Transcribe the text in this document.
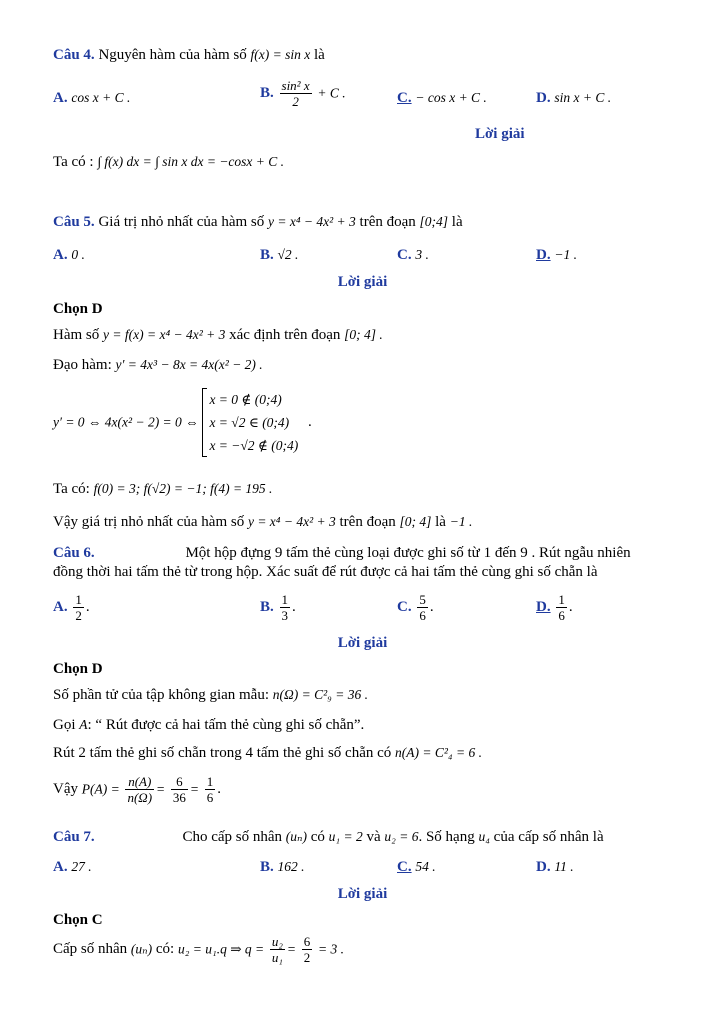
Câu 4. Nguyên hàm của hàm số f(x) = sin x là
A. cos x + C .	B. $\frac{\text{sin² x}}{2} + C$ .	C. − cos x + C .	D. sin x + C .
Lời giải
Ta có : ∫ f(x) dx = ∫ sin x dx = −cosx + C .
Câu 5. Giá trị nhỏ nhất của hàm số y = x⁴ − 4x² + 3 trên đoạn [0;4] là
A. 0 .	B. √2 .	C. 3 .	D. −1 .
Lời giải
Chọn D
Hàm số y = f(x) = x⁴ − 4x² + 3 xác định trên đoạn [0; 4] .
Đạo hàm: y′ = 4x³ − 8x = 4x(x² − 2) .
y′ = 0 ⇔ 4x(x² − 2) = 0 ⇔
x = 0 ∉ (0;4)
x = √2 ∈ (0;4)
x = −√2 ∉ (0;4)
.
Ta có: f(0) = 3; f(√2) = −1; f(4) = 195 .
Vậy giá trị nhỏ nhất của hàm số y = x⁴ − 4x² + 3 trên đoạn [0; 4] là −1 .
Câu 6.	Một hộp đựng 9 tấm thẻ cùng loại được ghi số từ 1 đến 9 . Rút ngẫu nhiên
đồng thời hai tấm thẻ từ trong hộp. Xác suất để rút được cả hai tấm thẻ cùng ghi số chẵn là
A. $\frac{1}{2}$ .	B. $\frac{1}{3}$ .	C. $\frac{5}{6}$ .	D. $\frac{1}{6}$ .
Lời giải
Chọn D
Số phần tử của tập không gian mẫu: n(Ω) = C²₉ = 36 .
Gọi A: “ Rút được cả hai tấm thẻ cùng ghi số chẵn”.
Rút 2 tấm thẻ ghi số chẵn trong 4 tấm thẻ ghi số chẵn có n(A) = C²₄ = 6 .
Vậy $P(A) = \frac{n(A)}{n(\Omega)} = \frac{6}{36} = \frac{1}{6}$ .
Câu 7.	Cho cấp số nhân (uₙ) có u₁ = 2 và u₂ = 6. Số hạng u₄ của cấp số nhân là
A. 27 .	B. 162 .	C. 54 .	D. 11 .
Lời giải
Chọn C
Cấp số nhân (uₙ) có: u₂ = u₁.q ⇒ $q = \frac{\text{u₂}}{\text{u₁}} = \frac{6}{2} = 3$ .
